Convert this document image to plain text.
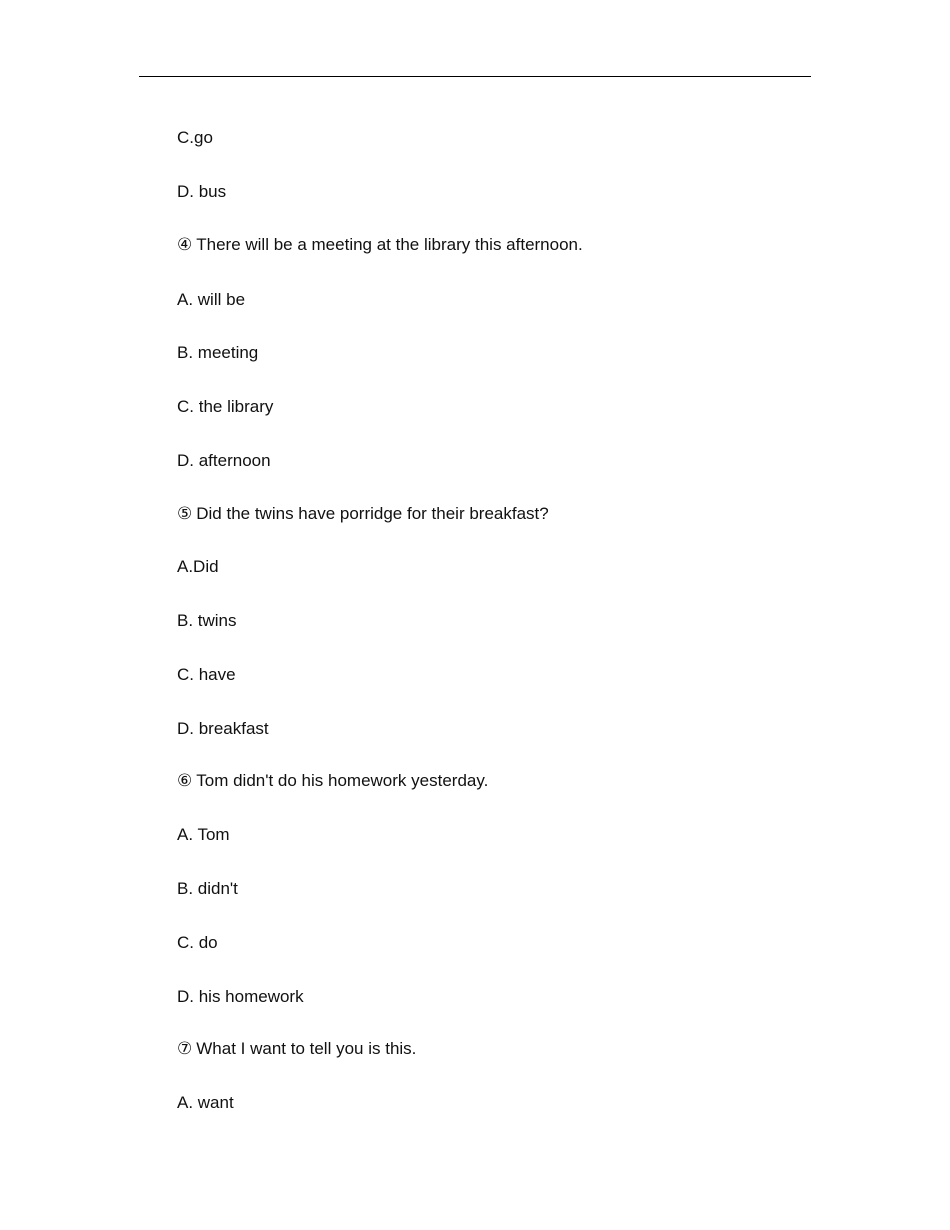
C.go
D. bus
④ There will be a meeting at the library this afternoon.
A. will be
B. meeting
C. the library
D. afternoon
⑤ Did the twins have porridge for their breakfast?
A.Did
B. twins
C. have
D. breakfast
⑥ Tom didn't do his homework yesterday.
A. Tom
B. didn't
C. do
D. his homework
⑦ What I want to tell you is this.
A. want
